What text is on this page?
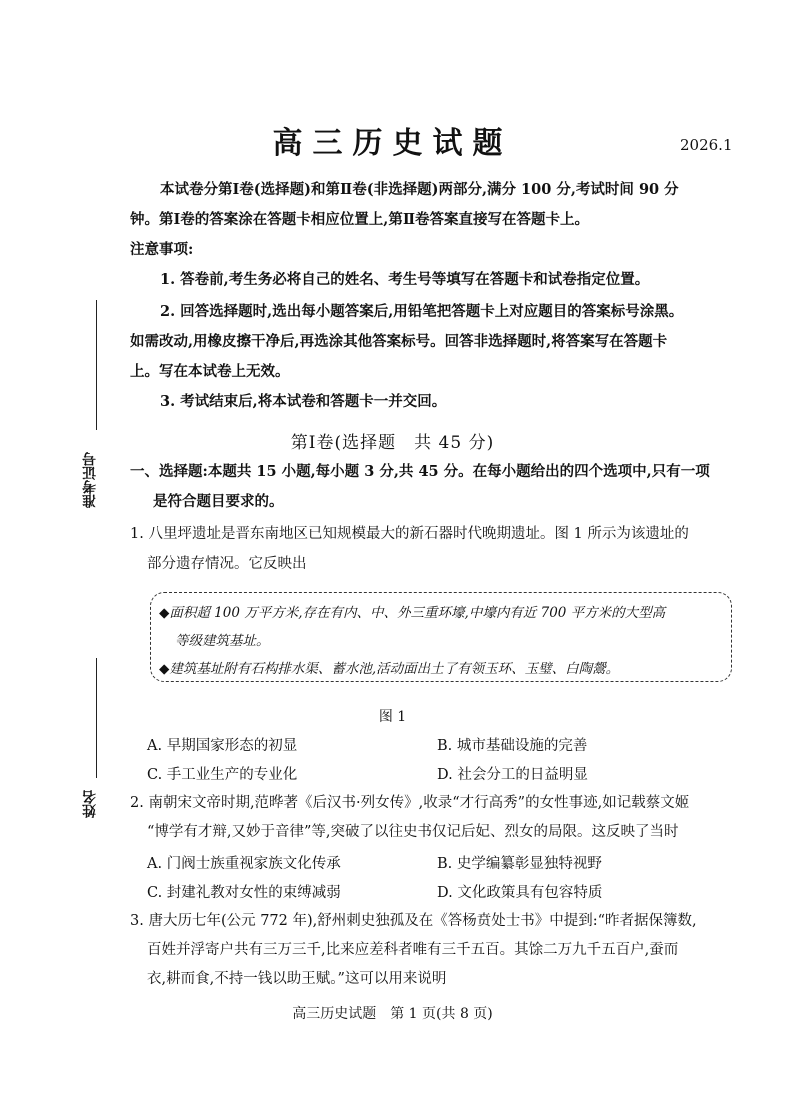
高三历史试题	2026.1
准考证号
姓名
本试卷分第Ⅰ卷(选择题)和第Ⅱ卷(非选择题)两部分,满分 100 分,考试时间 90 分
钟。第Ⅰ卷的答案涂在答题卡相应位置上,第Ⅱ卷答案直接写在答题卡上。
注意事项:
1. 答卷前,考生务必将自己的姓名、考生号等填写在答题卡和试卷指定位置。
2. 回答选择题时,选出每小题答案后,用铅笔把答题卡上对应题目的答案标号涂黑。
如需改动,用橡皮擦干净后,再选涂其他答案标号。回答非选择题时,将答案写在答题卡
上。写在本试卷上无效。
3. 考试结束后,将本试卷和答题卡一并交回。
第Ⅰ卷(选择题　共 45 分)
一、选择题:本题共 15 小题,每小题 3 分,共 45 分。在每小题给出的四个选项中,只有一项
是符合题目要求的。
1. 八里坪遗址是晋东南地区已知规模最大的新石器时代晚期遗址。图 1 所示为该遗址的
部分遗存情况。它反映出
◆面积超 100 万平方米,存在有内、中、外三重环壕,中壕内有近 700 平方米的大型高
等级建筑基址。
◆建筑基址附有石构排水渠、蓄水池,活动面出土了有领玉环、玉璧、白陶鬶。
图 1
A. 早期国家形态的初显	B. 城市基础设施的完善
C. 手工业生产的专业化	D. 社会分工的日益明显
2. 南朝宋文帝时期,范晔著《后汉书·列女传》,收录“才行高秀”的女性事迹,如记载蔡文姬
“博学有才辩,又妙于音律”等,突破了以往史书仅记后妃、烈女的局限。这反映了当时
A. 门阀士族重视家族文化传承	B. 史学编纂彰显独特视野
C. 封建礼教对女性的束缚减弱	D. 文化政策具有包容特质
3. 唐大历七年(公元 772 年),舒州刺史独孤及在《答杨贲处士书》中提到:“昨者据保簿数,
百姓并浮寄户共有三万三千,比来应差科者唯有三千五百。其馀二万九千五百户,蚕而
衣,耕而食,不持一钱以助王赋。”这可以用来说明
高三历史试题　第 1 页(共 8 页)
